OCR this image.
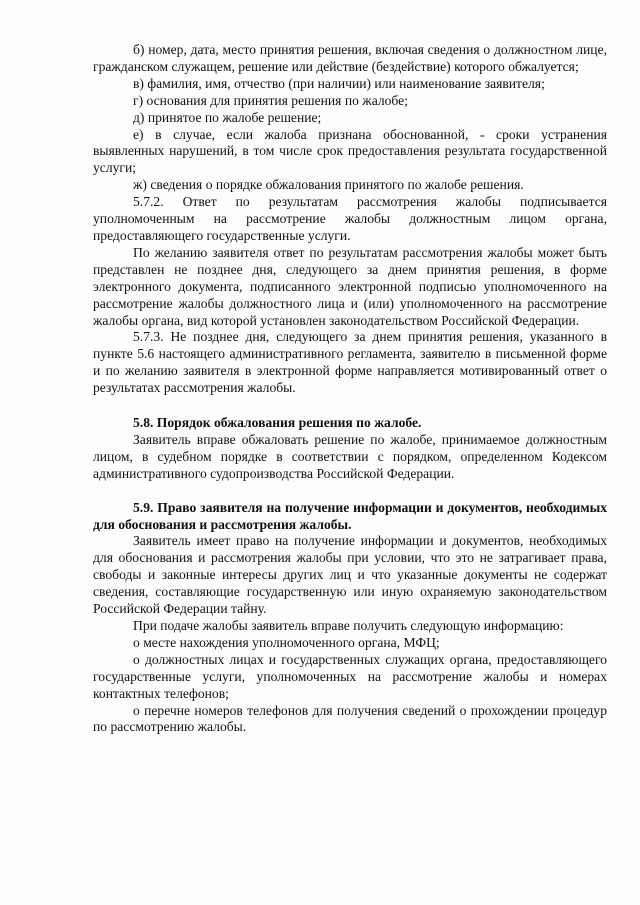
б) номер, дата, место принятия решения, включая сведения о должностном лице, гражданском служащем, решение или действие (бездействие) которого обжалуется;

в) фамилия, имя, отчество (при наличии) или наименование заявителя;

г) основания для принятия решения по жалобе;

д) принятое по жалобе решение;

е) в случае, если жалоба признана обоснованной, - сроки устранения выявленных нарушений, в том числе срок предоставления результата государственной услуги;

ж) сведения о порядке обжалования принятого по жалобе решения.

5.7.2. Ответ по результатам рассмотрения жалобы подписывается уполномоченным на рассмотрение жалобы должностным лицом органа, предоставляющего государственные услуги.

По желанию заявителя ответ по результатам рассмотрения жалобы может быть представлен не позднее дня, следующего за днем принятия решения, в форме электронного документа, подписанного электронной подписью уполномоченного на рассмотрение жалобы должностного лица и (или) уполномоченного на рассмотрение жалобы органа, вид которой установлен законодательством Российской Федерации.

5.7.3. Не позднее дня, следующего за днем принятия решения, указанного в пункте 5.6 настоящего административного регламента, заявителю в письменной форме и по желанию заявителя в электронной форме направляется мотивированный ответ о результатах рассмотрения жалобы.

5.8. Порядок обжалования решения по жалобе.

Заявитель вправе обжаловать решение по жалобе, принимаемое должностным лицом, в судебном порядке в соответствии с порядком, определенном Кодексом административного судопроизводства Российской Федерации.

5.9. Право заявителя на получение информации и документов, необходимых для обоснования и рассмотрения жалобы.

Заявитель имеет право на получение информации и документов, необходимых для обоснования и рассмотрения жалобы при условии, что это не затрагивает права, свободы и законные интересы других лиц и что указанные документы не содержат сведения, составляющие государственную или иную охраняемую законодательством Российской Федерации тайну.

При подаче жалобы заявитель вправе получить следующую информацию:

о месте нахождения уполномоченного органа, МФЦ;

о должностных лицах и государственных служащих органа, предоставляющего государственные услуги, уполномоченных на рассмотрение жалобы и номерах контактных телефонов;

о перечне номеров телефонов для получения сведений о прохождении процедур по рассмотрению жалобы.
